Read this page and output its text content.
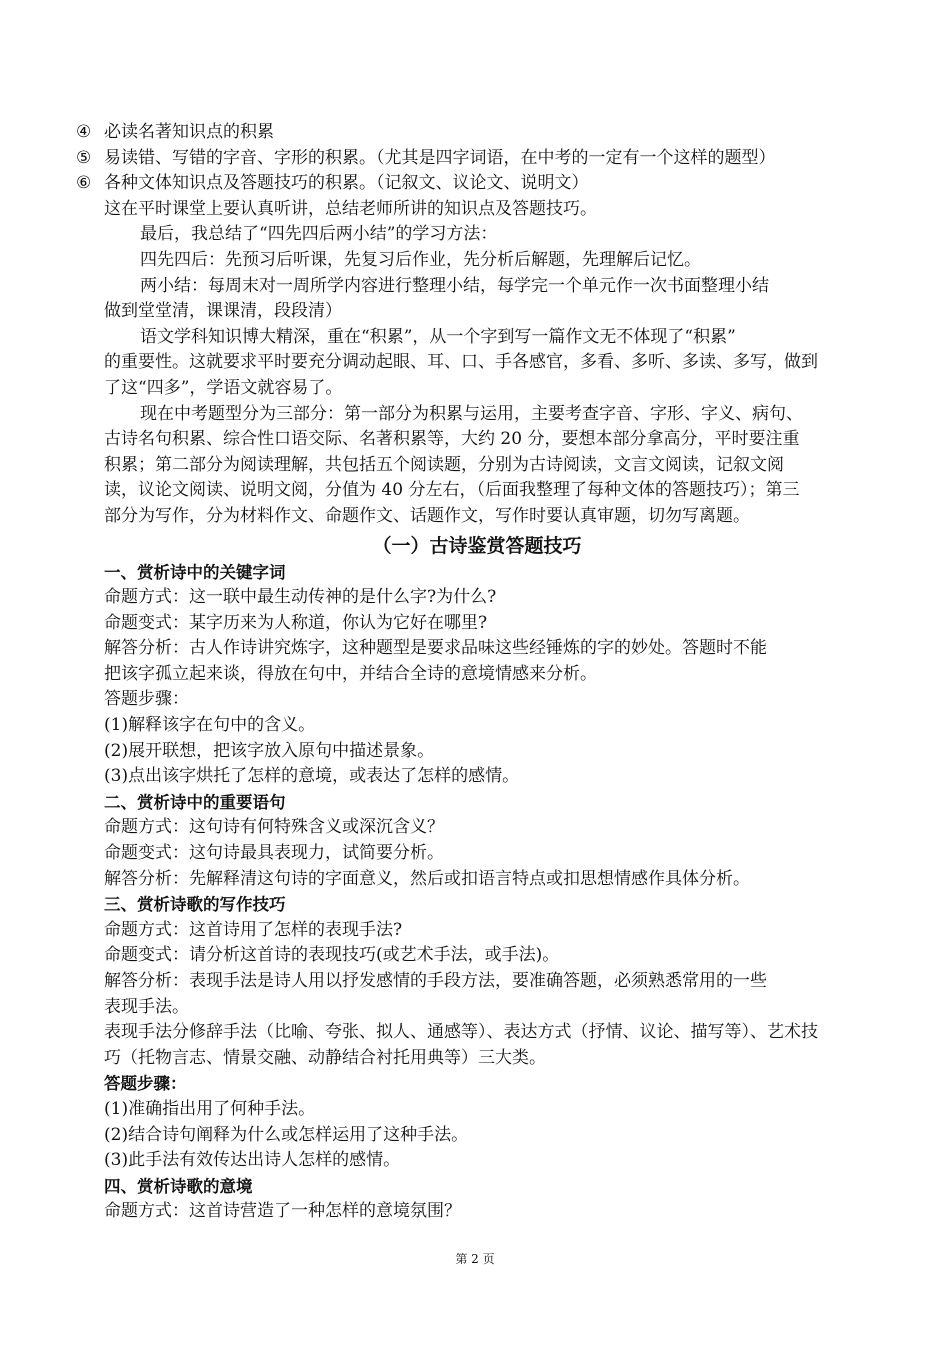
④ 必读名著知识点的积累
⑤ 易读错、写错的字音、字形的积累。（尤其是四字词语，在中考的一定有一个这样的题型）
⑥ 各种文体知识点及答题技巧的积累。（记叙文、议论文、说明文）
这在平时课堂上要认真听讲，总结老师所讲的知识点及答题技巧。
最后，我总结了“四先四后两小结”的学习方法：
四先四后：先预习后听课，先复习后作业，先分析后解题，先理解后记忆。
两小结：每周末对一周所学内容进行整理小结，每学完一个单元作一次书面整理小结
做到堂堂清，课课清，段段清）
语文学科知识博大精深，重在“积累”，从一个字到写一篇作文无不体现了“积累”
的重要性。这就要求平时要充分调动起眼、耳、口、手各感官，多看、多听、多读、多写，做到
了这“四多”，学语文就容易了。
现在中考题型分为三部分：第一部分为积累与运用，主要考查字音、字形、字义、病句、
古诗名句积累、综合性口语交际、名著积累等，大约 20 分，要想本部分拿高分，平时要注重
积累；第二部分为阅读理解，共包括五个阅读题，分别为古诗阅读，文言文阅读，记叙文阅
读，议论文阅读、说明文阅，分值为 40 分左右，（后面我整理了每种文体的答题技巧）；第三
部分为写作，分为材料作文、命题作文、话题作文，写作时要认真审题，切勿写离题。
（一）古诗鉴赏答题技巧
一、赏析诗中的关键字词
命题方式：这一联中最生动传神的是什么字?为什么?
命题变式：某字历来为人称道，你认为它好在哪里?
解答分析：古人作诗讲究炼字，这种题型是要求品味这些经锤炼的字的妙处。答题时不能
把该字孤立起来谈，得放在句中，并结合全诗的意境情感来分析。
答题步骤：
(1)解释该字在句中的含义。
(2)展开联想，把该字放入原句中描述景象。
(3)点出该字烘托了怎样的意境，或表达了怎样的感情。
二、赏析诗中的重要语句
命题方式：这句诗有何特殊含义或深沉含义？
命题变式：这句诗最具表现力，试简要分析。
解答分析：先解释清这句诗的字面意义，然后或扣语言特点或扣思想情感作具体分析。
三、赏析诗歌的写作技巧
命题方式：这首诗用了怎样的表现手法?
命题变式：请分析这首诗的表现技巧(或艺术手法，或手法)。
解答分析：表现手法是诗人用以抒发感情的手段方法，要准确答题，必须熟悉常用的一些
表现手法。
表现手法分修辞手法（比喻、夸张、拟人、通感等）、表达方式（抒情、议论、描写等）、艺术技
巧（托物言志、情景交融、动静结合衬托用典等）三大类。
答题步骤：
(1)准确指出用了何种手法。
(2)结合诗句阐释为什么或怎样运用了这种手法。
(3)此手法有效传达出诗人怎样的感情。
四、赏析诗歌的意境
命题方式：这首诗营造了一种怎样的意境氛围？
第 2 页
